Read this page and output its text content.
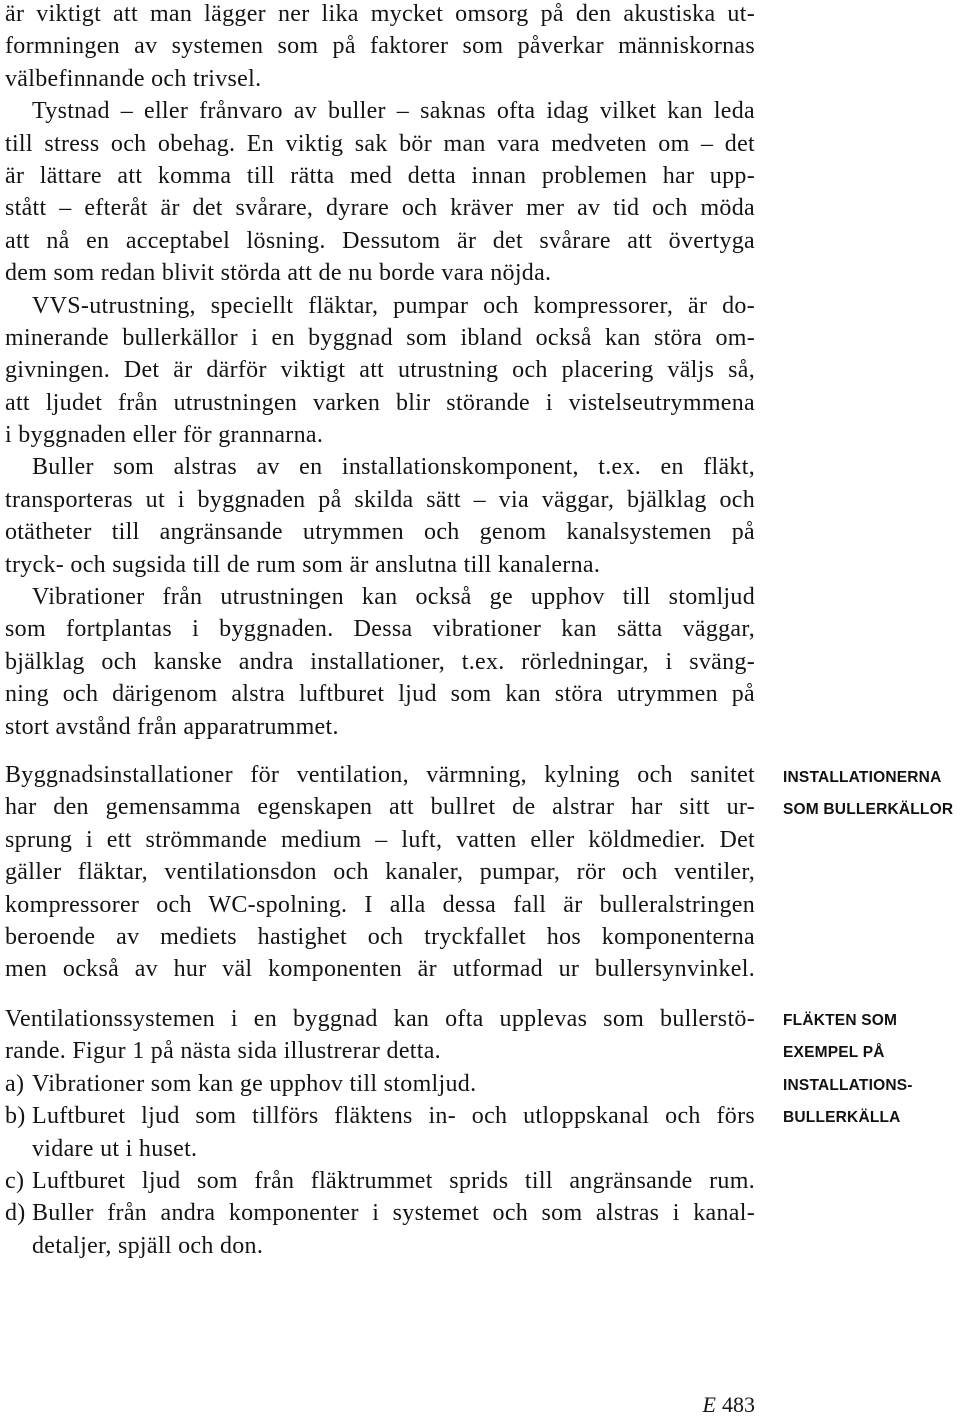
är viktigt att man lägger ner lika mycket omsorg på den akustiska ut-
formningen av systemen som på faktorer som påverkar människornas
välbefinnande och trivsel.
Tystnad – eller frånvaro av buller – saknas ofta idag vilket kan leda
till stress och obehag. En viktig sak bör man vara medveten om – det
är lättare att komma till rätta med detta innan problemen har upp-
stått – efteråt är det svårare, dyrare och kräver mer av tid och möda
att nå en acceptabel lösning. Dessutom är det svårare att övertyga
dem som redan blivit störda att de nu borde vara nöjda.
VVS-utrustning, speciellt fläktar, pumpar och kompressorer, är do-
minerande bullerkällor i en byggnad som ibland också kan störa om-
givningen. Det är därför viktigt att utrustning och placering väljs så,
att ljudet från utrustningen varken blir störande i vistelseutrymmena
i byggnaden eller för grannarna.
Buller som alstras av en installationskomponent, t.ex. en fläkt,
transporteras ut i byggnaden på skilda sätt – via väggar, bjälklag och
otätheter till angränsande utrymmen och genom kanalsystemen på
tryck- och sugsida till de rum som är anslutna till kanalerna.
Vibrationer från utrustningen kan också ge upphov till stomljud
som fortplantas i byggnaden. Dessa vibrationer kan sätta väggar,
bjälklag och kanske andra installationer, t.ex. rörledningar, i sväng-
ning och därigenom alstra luftburet ljud som kan störa utrymmen på
stort avstånd från apparatrummet.
Byggnadsinstallationer för ventilation, värmning, kylning och sanitet
har den gemensamma egenskapen att bullret de alstrar har sitt ur-
sprung i ett strömmande medium – luft, vatten eller köldmedier. Det
gäller fläktar, ventilationsdon och kanaler, pumpar, rör och ventiler,
kompressorer och WC-spolning. I alla dessa fall är bulleralstringen
beroende av mediets hastighet och tryckfallet hos komponenterna
men också av hur väl komponenten är utformad ur bullersynvinkel.
INSTALLATIONERNA
SOM BULLERKÄLLOR
Ventilationssystemen i en byggnad kan ofta upplevas som bullerstö-
rande. Figur 1 på nästa sida illustrerar detta.
a) Vibrationer som kan ge upphov till stomljud.
b) Luftburet ljud som tillförs fläktens in- och utloppskanal och förs
vidare ut i huset.
c) Luftburet ljud som från fläktrummet sprids till angränsande rum.
d) Buller från andra komponenter i systemet och som alstras i kanal-
detaljer, spjäll och don.
FLÄKTEN SOM
EXEMPEL PÅ
INSTALLATIONS-
BULLERKÄLLA
E 483
